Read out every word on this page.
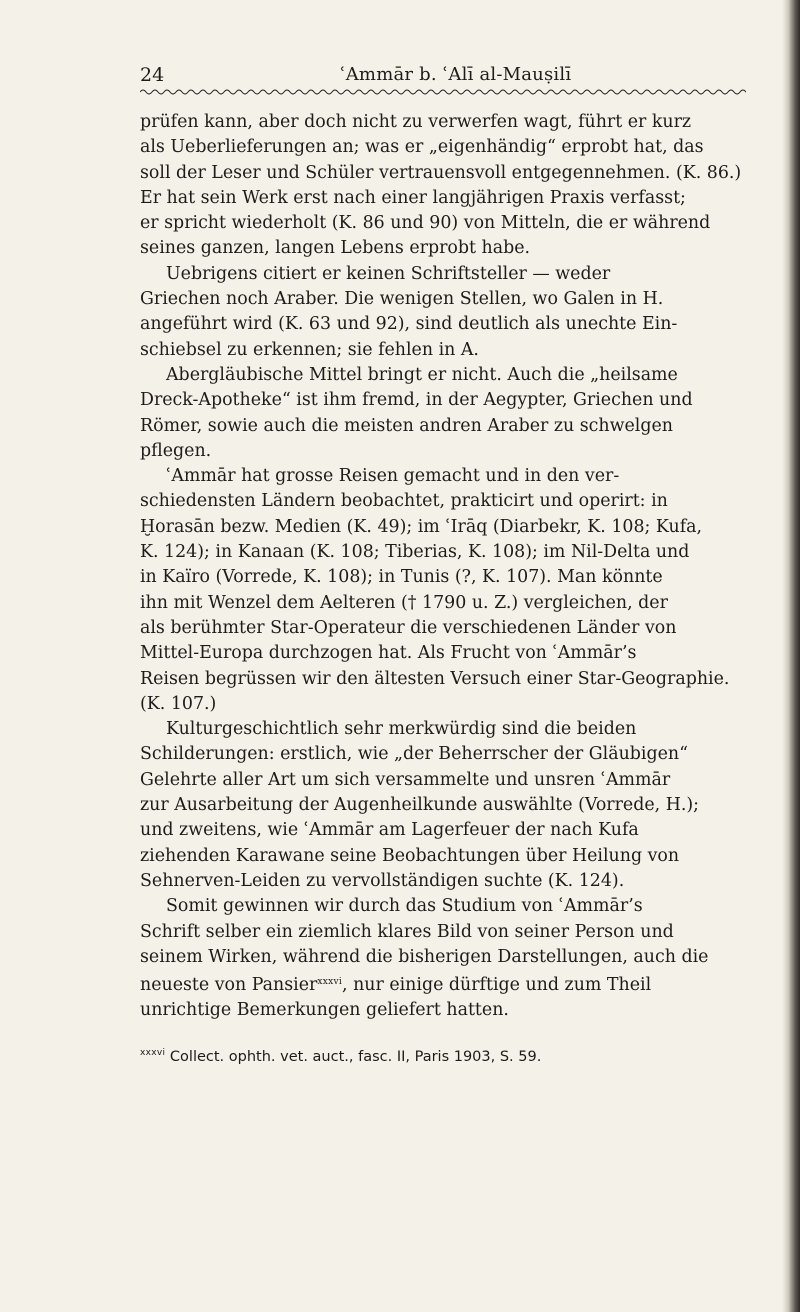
24	ʿAmmār b. ʿAlī al-Mauṣilī
prüfen kann, aber doch nicht zu verwerfen wagt, führt er kurz
als Ueberlieferungen an; was er „eigenhändig“ erprobt hat, das
soll der Leser und Schüler vertrauensvoll entgegennehmen. (K. 86.)
Er hat sein Werk erst nach einer langjährigen Praxis verfasst;
er spricht wiederholt (K. 86 und 90) von Mitteln, die er während
seines ganzen, langen Lebens erprobt habe.
Uebrigens citiert er keinen Schriftsteller — weder
Griechen noch Araber. Die wenigen Stellen, wo Galen in H.
angeführt wird (K. 63 und 92), sind deutlich als unechte Ein-
schiebsel zu erkennen; sie fehlen in A.
Abergläubische Mittel bringt er nicht. Auch die „heilsame
Dreck-Apotheke“ ist ihm fremd, in der Aegypter, Griechen und
Römer, sowie auch die meisten andren Araber zu schwelgen
pflegen.
ʿAmmār hat grosse Reisen gemacht und in den ver-
schiedensten Ländern beobachtet, prakticirt und operirt: in
Ḫorasān bezw. Medien (K. 49); im ʿIrāq (Diarbekr, K. 108; Kufa,
K. 124); in Kanaan (K. 108; Tiberias, K. 108); im Nil-Delta und
in Kaïro (Vorrede, K. 108); in Tunis (?, K. 107). Man könnte
ihn mit Wenzel dem Aelteren († 1790 u. Z.) vergleichen, der
als berühmter Star-Operateur die verschiedenen Länder von
Mittel-Europa durchzogen hat. Als Frucht von ʿAmmār’s
Reisen begrüssen wir den ältesten Versuch einer Star-Geographie.
(K. 107.)
Kulturgeschichtlich sehr merkwürdig sind die beiden
Schilderungen: erstlich, wie „der Beherrscher der Gläubigen“
Gelehrte aller Art um sich versammelte und unsren ʿAmmār
zur Ausarbeitung der Augenheilkunde auswählte (Vorrede, H.);
und zweitens, wie ʿAmmār am Lagerfeuer der nach Kufa
ziehenden Karawane seine Beobachtungen über Heilung von
Sehnerven-Leiden zu vervollständigen suchte (K. 124).
Somit gewinnen wir durch das Studium von ʿAmmār’s
Schrift selber ein ziemlich klares Bild von seiner Person und
seinem Wirken, während die bisherigen Darstellungen, auch die
neueste von Pansier$^{xxxvi}$, nur einige dürftige und zum Theil
unrichtige Bemerkungen geliefert hatten.
$^{xxxvi}$ Collect. ophth. vet. auct., fasc. II, Paris 1903, S. 59.
